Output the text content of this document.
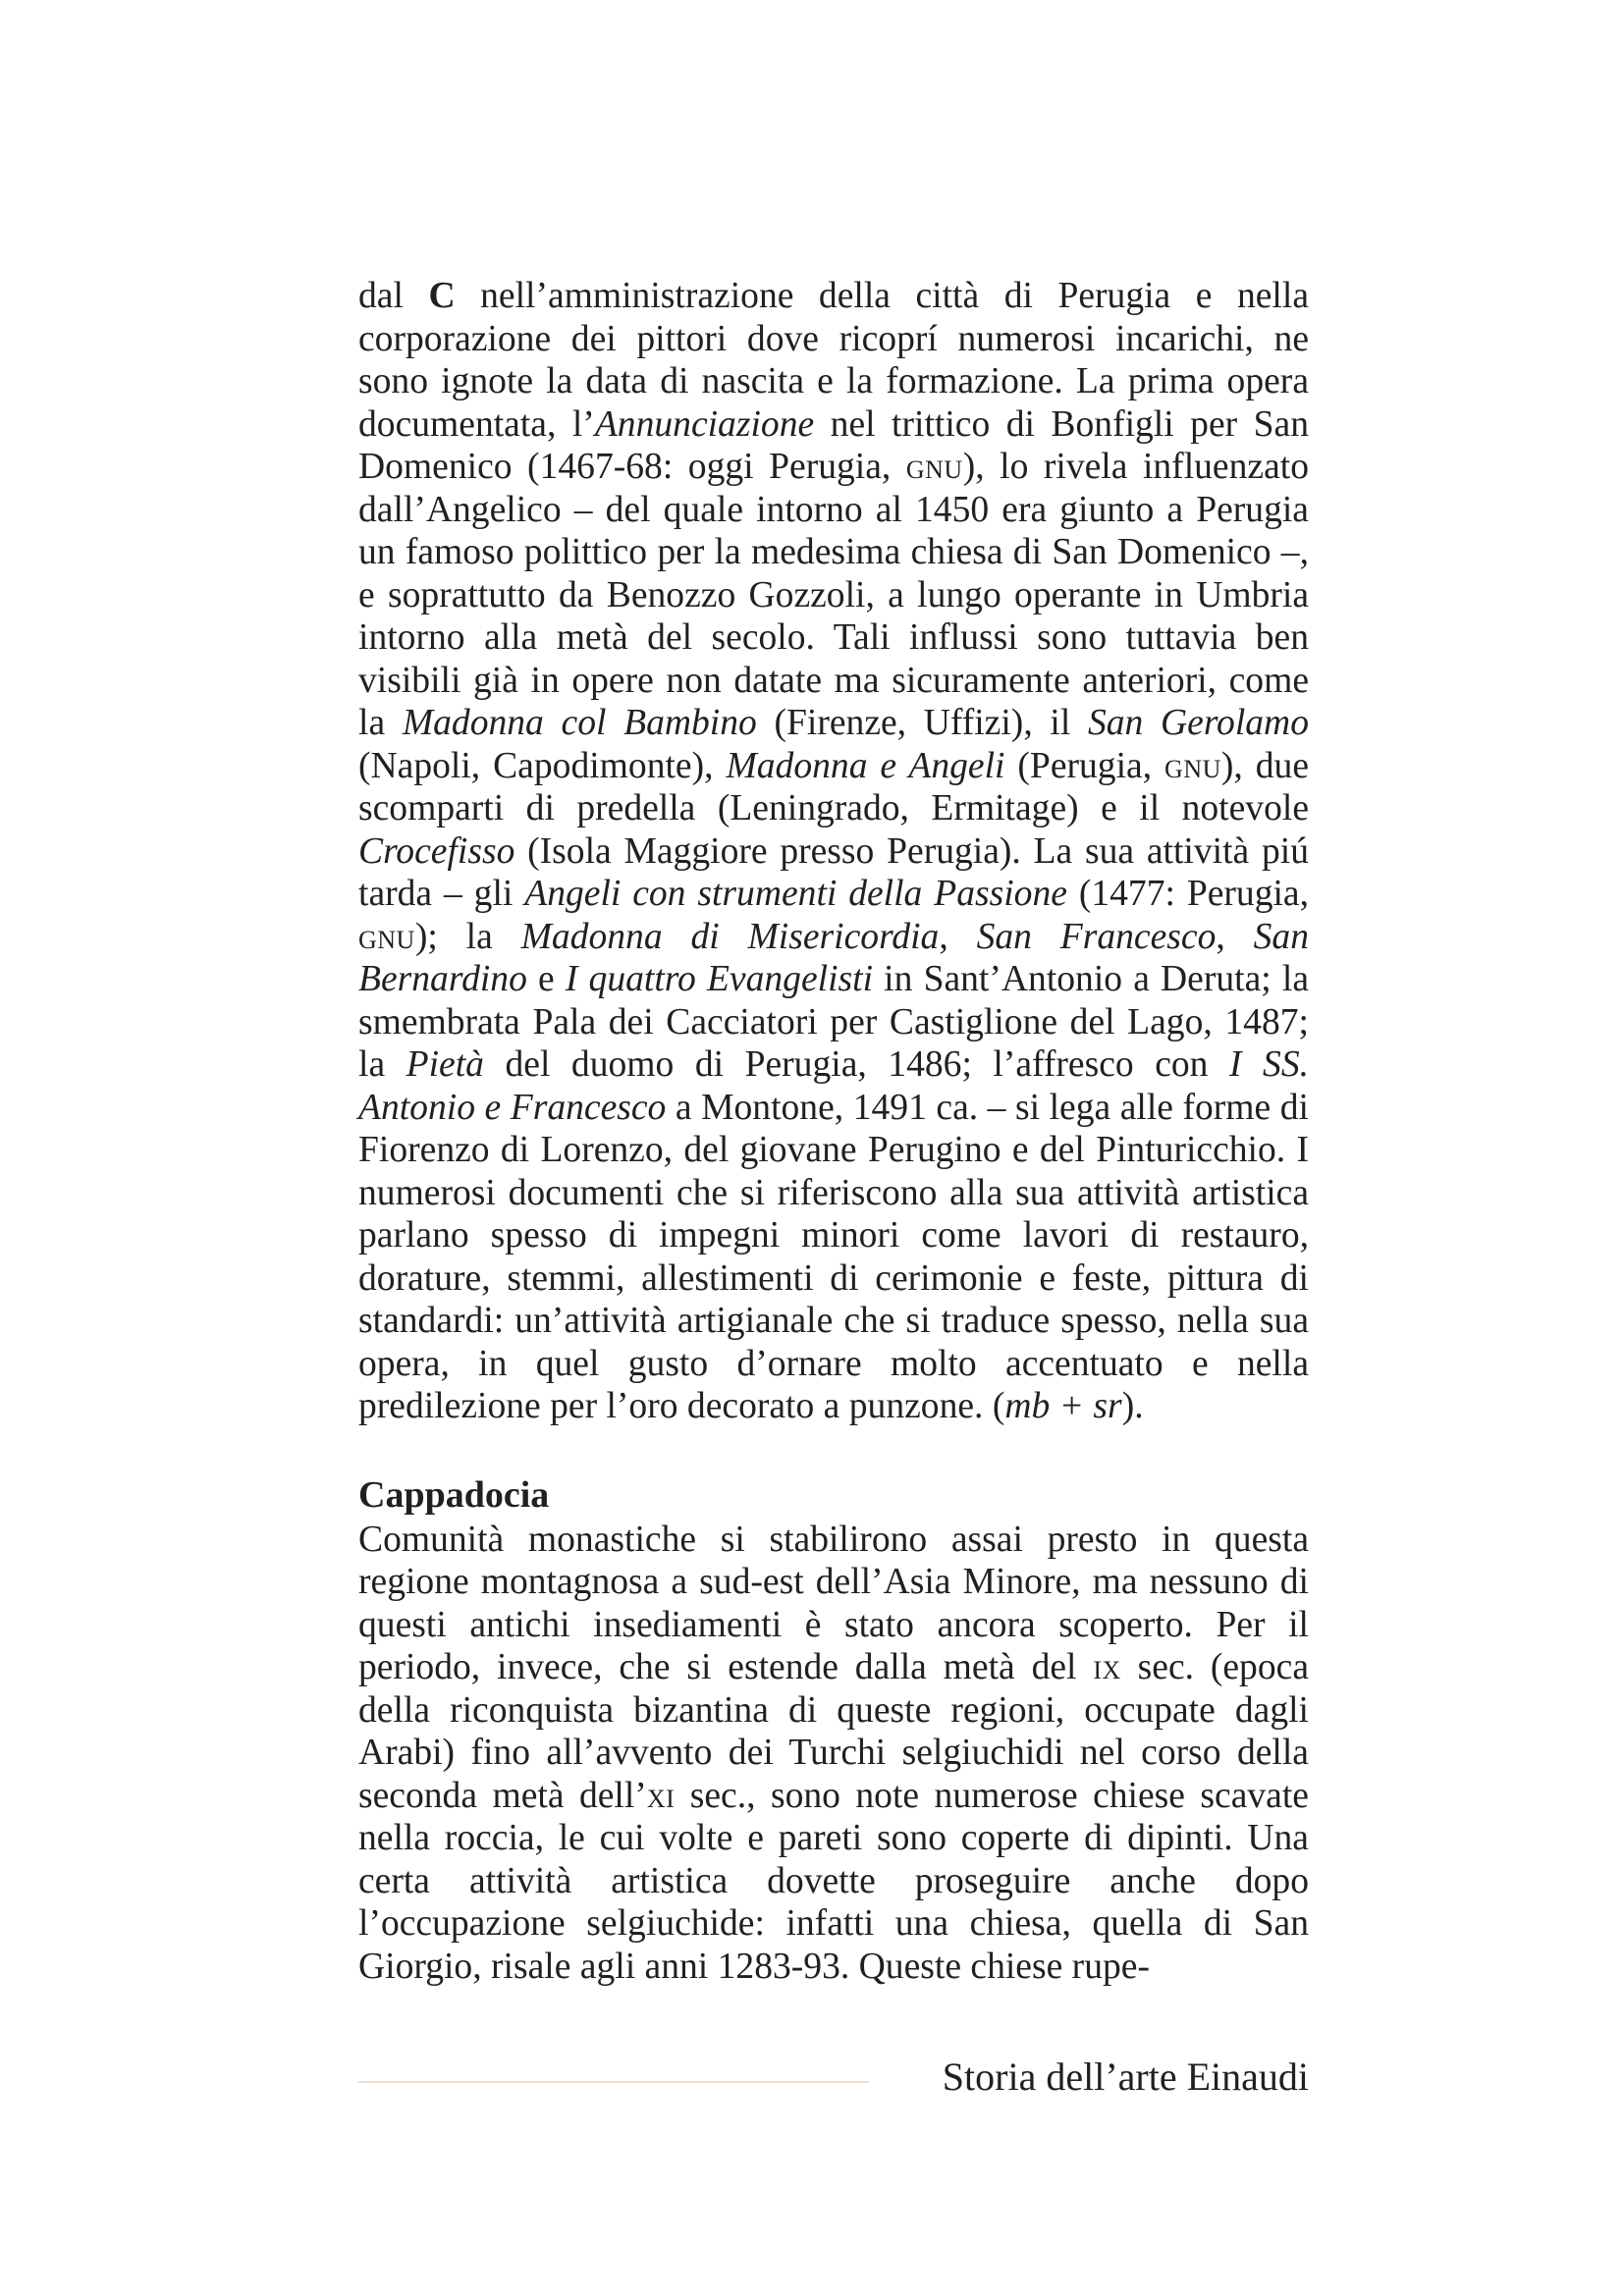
dal C nell’amministrazione della città di Perugia e nella corporazione dei pittori dove ricoprí numerosi incarichi, ne sono ignote la data di nascita e la formazione. La prima opera documentata, l’Annunciazione nel trittico di Bonfigli per San Domenico (1467-68: oggi Perugia, gnu), lo rivela influenzato dall’Angelico – del quale intorno al 1450 era giunto a Perugia un famoso polittico per la medesima chiesa di San Domenico –, e soprattutto da Benozzo Gozzoli, a lungo operante in Umbria intorno alla metà del secolo. Tali influssi sono tuttavia ben visibili già in opere non datate ma sicuramente anteriori, come la Madonna col Bambino (Firenze, Uffizi), il San Gerolamo (Napoli, Capodimonte), Madonna e Angeli (Perugia, gnu), due scomparti di predella (Leningrado, Ermitage) e il notevole Crocefisso (Isola Maggiore presso Perugia). La sua attività piú tarda – gli Angeli con strumenti della Passione (1477: Perugia, gnu); la Madonna di Misericordia, San Francesco, San Bernardino e I quattro Evangelisti in Sant’Antonio a Deruta; la smembrata Pala dei Cacciatori per Castiglione del Lago, 1487; la Pietà del duomo di Perugia, 1486; l’affresco con I SS. Antonio e Francesco a Montone, 1491 ca. – si lega alle forme di Fiorenzo di Lorenzo, del giovane Perugino e del Pinturicchio. I numerosi documenti che si riferiscono alla sua attività artistica parlano spesso di impegni minori come lavori di restauro, dorature, stemmi, allestimenti di cerimonie e feste, pittura di standardi: un’attività artigianale che si traduce spesso, nella sua opera, in quel gusto d’ornare molto accentuato e nella predilezione per l’oro decorato a punzone. (mb + sr).

Cappadocia

Comunità monastiche si stabilirono assai presto in questa regione montagnosa a sud-est dell’Asia Minore, ma nessuno di questi antichi insediamenti è stato ancora scoperto. Per il periodo, invece, che si estende dalla metà del ix sec. (epoca della riconquista bizantina di queste regioni, occupate dagli Arabi) fino all’avvento dei Turchi selgiuchidi nel corso della seconda metà dell’xi sec., sono note numerose chiese scavate nella roccia, le cui volte e pareti sono coperte di dipinti. Una certa attività artistica dovette proseguire anche dopo l’occupazione selgiuchide: infatti una chiesa, quella di San Giorgio, risale agli anni 1283-93. Queste chiese rupe-

Storia dell’arte Einaudi
